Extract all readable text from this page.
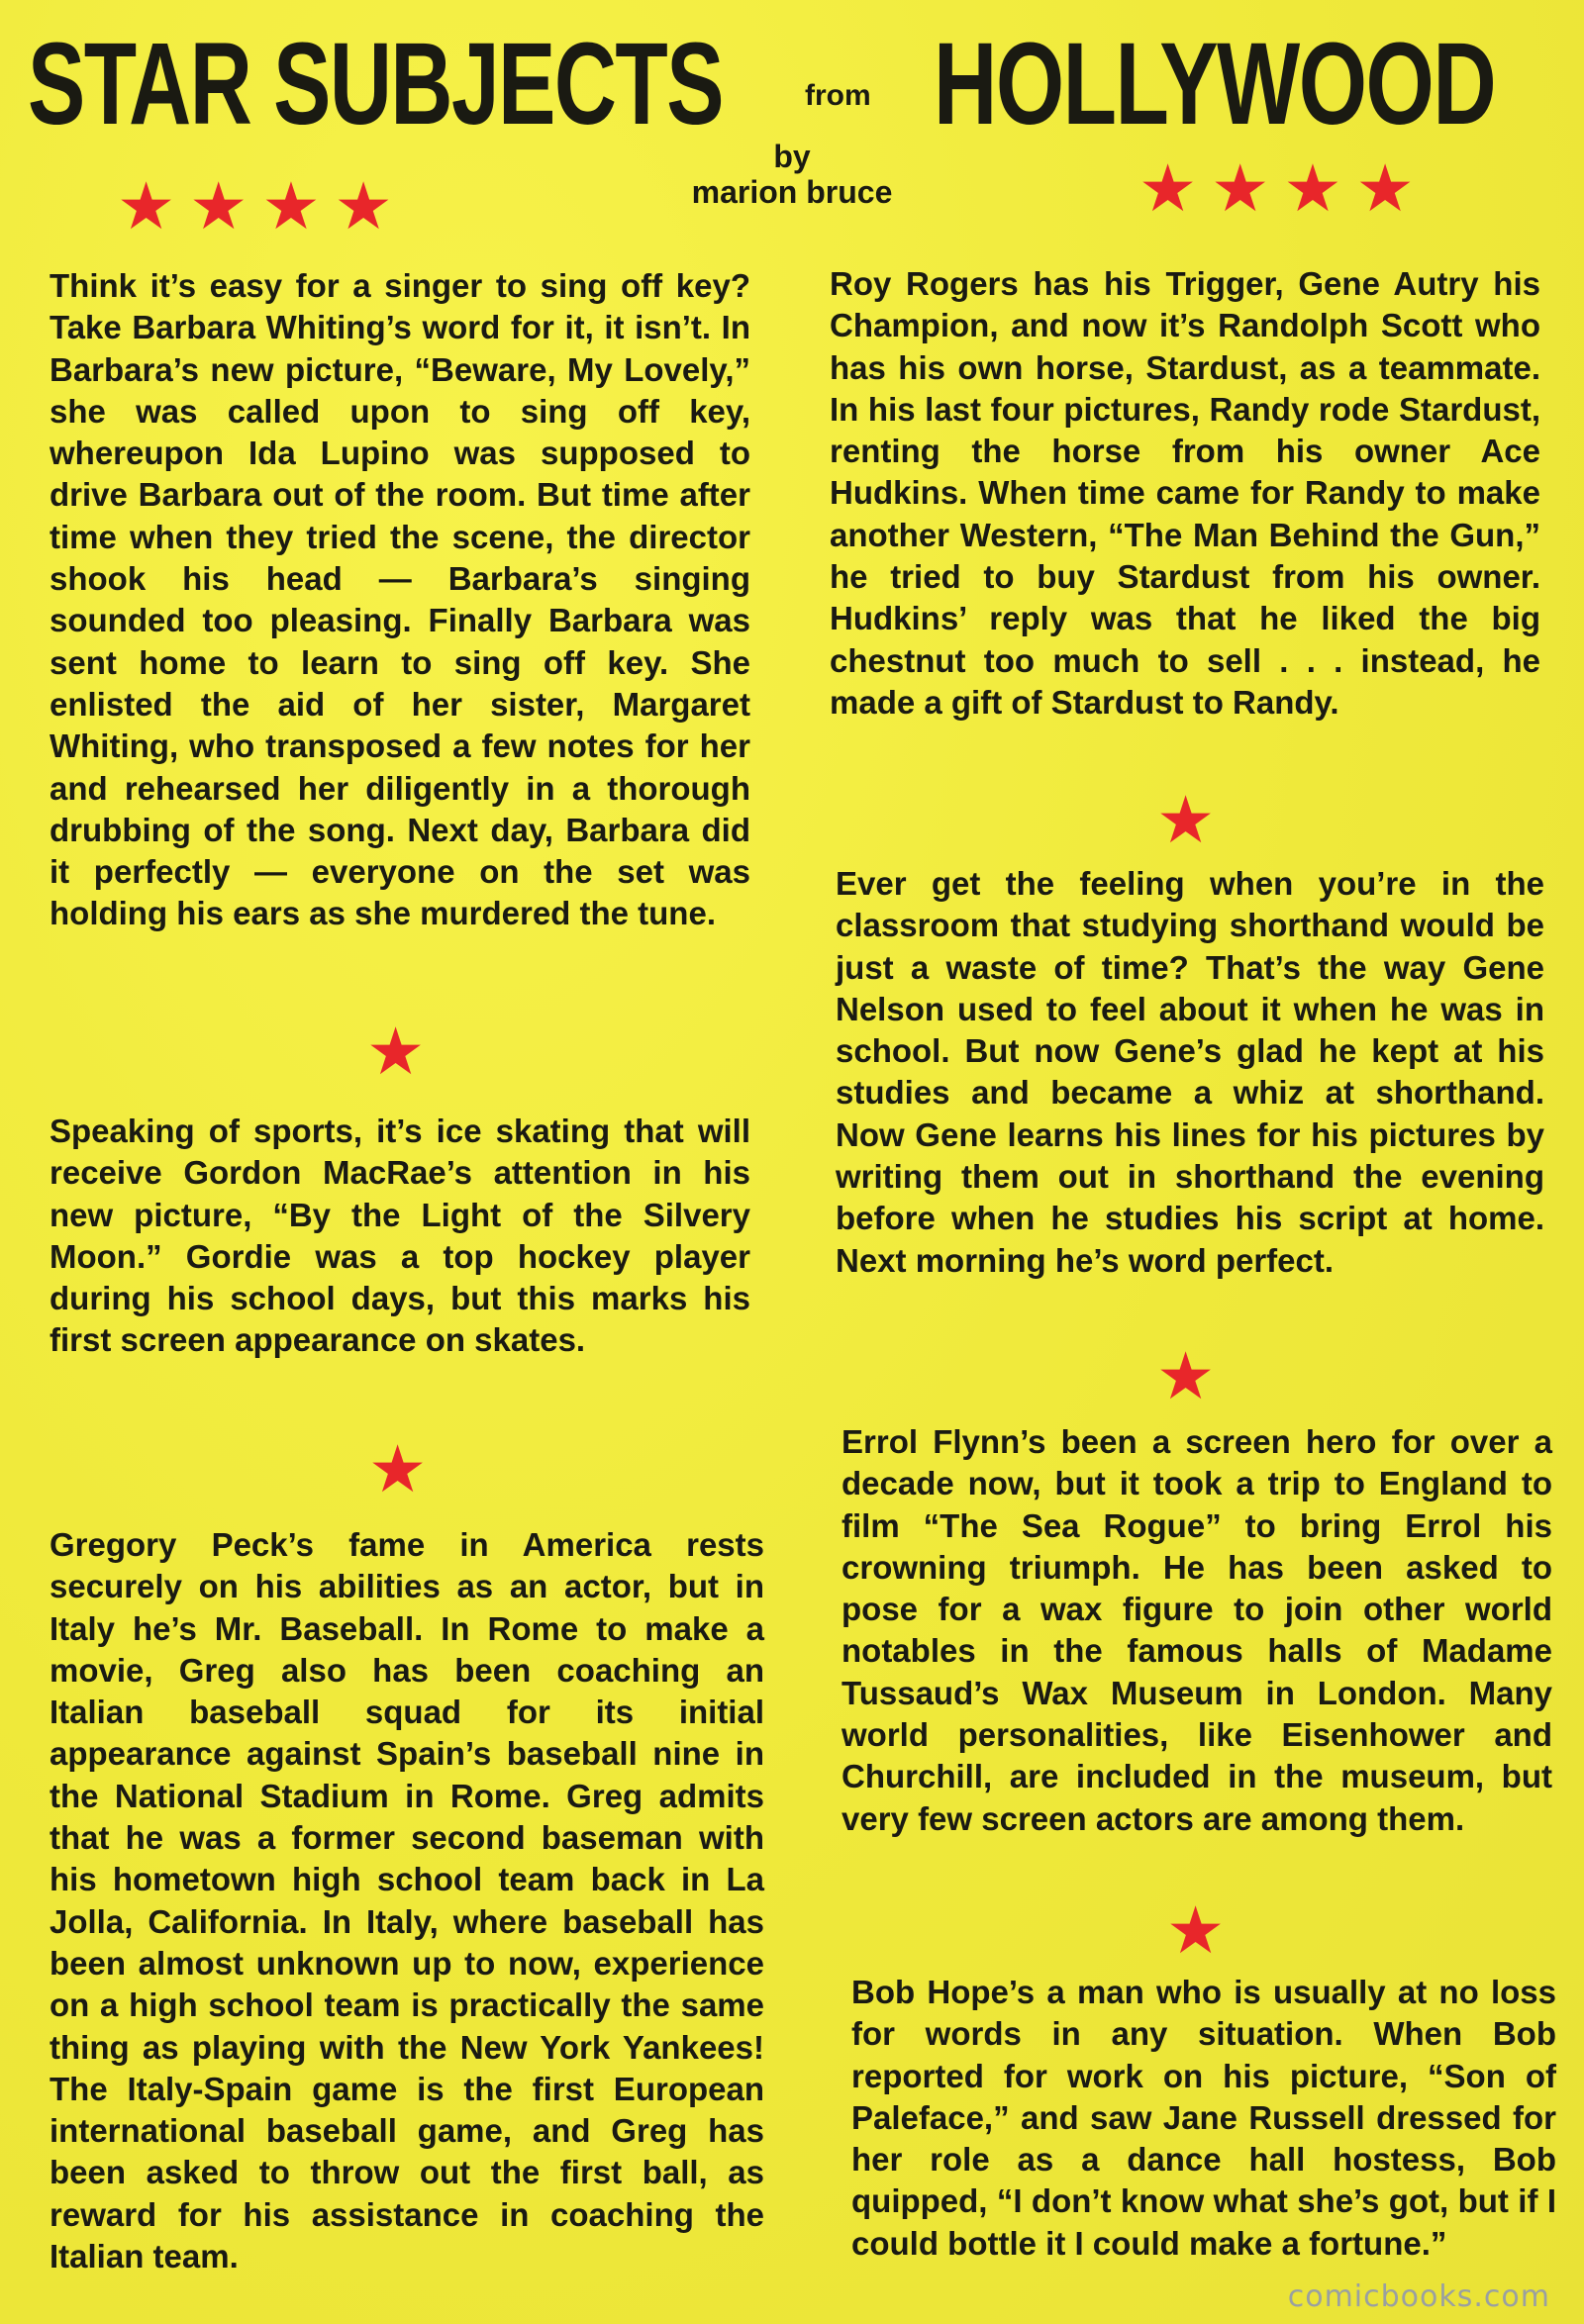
STAR SUBJECTS	from HOLLYWOOD
by
marion bruce
★★★★	★★★★

Think it’s easy for a singer to sing off key? Take Barbara Whiting’s word for it, it isn’t. In Barbara’s new picture, “Beware, My Lovely,” she was called upon to sing off key, whereupon Ida Lupino was supposed to drive Barbara out of the room. But time after time when they tried the scene, the director shook his head — Barbara’s singing sounded too pleasing. Finally Barbara was sent home to learn to sing off key. She enlisted the aid of her sister, Margaret Whiting, who transposed a few notes for her and rehearsed her diligently in a thorough drubbing of the song. Next day, Barbara did it perfectly — everyone on the set was holding his ears as she murdered the tune.

★

Speaking of sports, it’s ice skating that will receive Gordon MacRae’s attention in his new picture, “By the Light of the Silvery Moon.” Gordie was a top hockey player during his school days, but this marks his first screen appearance on skates.

★

Gregory Peck’s fame in America rests securely on his abilities as an actor, but in Italy he’s Mr. Baseball. In Rome to make a movie, Greg also has been coaching an Italian baseball squad for its initial appearance against Spain’s baseball nine in the National Stadium in Rome. Greg admits that he was a former second baseman with his hometown high school team back in La Jolla, California. In Italy, where baseball has been almost unknown up to now, experience on a high school team is practically the same thing as playing with the New York Yankees! The Italy-Spain game is the first European international baseball game, and Greg has been asked to throw out the first ball, as reward for his assistance in coaching the Italian team.

Roy Rogers has his Trigger, Gene Autry his Champion, and now it’s Randolph Scott who has his own horse, Stardust, as a teammate. In his last four pictures, Randy rode Stardust, renting the horse from his owner Ace Hudkins. When time came for Randy to make another Western, “The Man Behind the Gun,” he tried to buy Stardust from his owner. Hudkins’ reply was that he liked the big chestnut too much to sell . . . instead, he made a gift of Stardust to Randy.

★

Ever get the feeling when you’re in the classroom that studying shorthand would be just a waste of time? That’s the way Gene Nelson used to feel about it when he was in school. But now Gene’s glad he kept at his studies and became a whiz at shorthand. Now Gene learns his lines for his pictures by writing them out in shorthand the evening before when he studies his script at home. Next morning he’s word perfect.

★

Errol Flynn’s been a screen hero for over a decade now, but it took a trip to England to film “The Sea Rogue” to bring Errol his crowning triumph. He has been asked to pose for a wax figure to join other world notables in the famous halls of Madame Tussaud’s Wax Museum in London. Many world personalities, like Eisenhower and Churchill, are included in the museum, but very few screen actors are among them.

★

Bob Hope’s a man who is usually at no loss for words in any situation. When Bob reported for work on his picture, “Son of Paleface,” and saw Jane Russell dressed for her role as a dance hall hostess, Bob quipped, “I don’t know what she’s got, but if I could bottle it I could make a fortune.”

comicbooks.com
